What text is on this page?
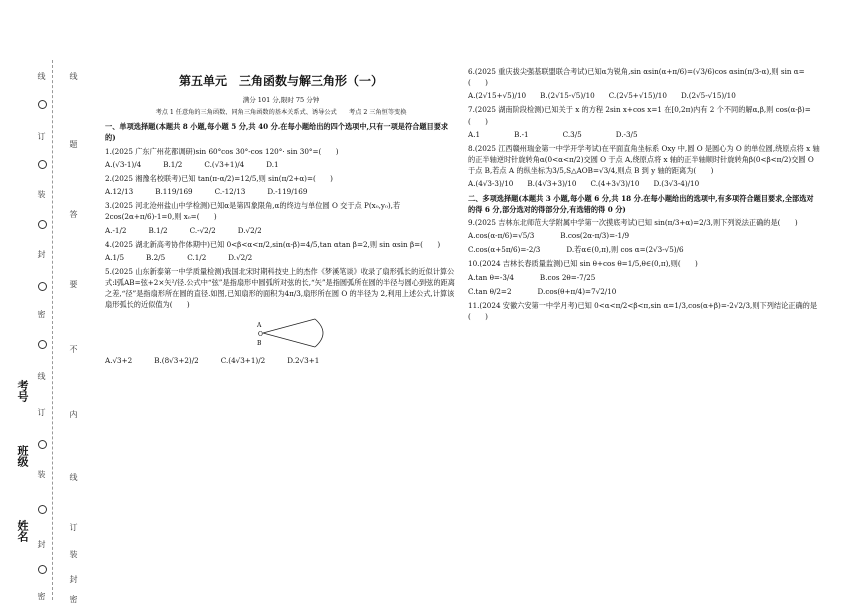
线
题
答
要
不
内
线
订
装
封
密
线
订
装
封
密
线
订
装
封
密
考号
班级
姓名
第五单元　三角函数与解三角形（一）
满分 101 分,限时 75 分钟
考点 1 任意角的三角函数、同角三角函数的基本关系式、诱导公式　　考点 2 三角恒等变换

一、单项选择题(本题共 8 小题,每小题 5 分,共 40 分.在每小题给出的四个选项中,只有一项是符合题目要求的)

1.(2025 广东广州花都调研)sin 60°cos 30°-cos 120°· sin 30°=(　　)

A.(√3-1)/4	B.1/2	C.(√3+1)/4	D.1

2.(2025 湘豫名校联考)已知 tan(π-α/2)=12/5,则 sin(π/2+α)=(　　)

A.12/13	B.119/169	C.-12/13	D.-119/169

3.(2025 河北沧州盐山中学检测)已知α是第四象限角,α的终边与单位圆 O 交于点 P(x₀,y₀),若 2cos(2α+π/6)-1=0,则 x₀=(　　)

A.-1/2	B.1/2	C.-√2/2	D.√2/2

4.(2025 湖北新高考协作体期中)已知 0<β<α<π/2,sin(α-β)=4/5,tan αtan β=2,则 sin αsin β=(　　)

A.1/5	B.2/5	C.1/2	D.√2/2

5.(2025 山东新泰第一中学质量检测)我国北宋时期科技史上的杰作《梦溪笔谈》收录了扇形弧长的近似计算公式:l弧AB=弦+2×矢²/径.公式中“弦”是指扇形中圆弧所对弦的长,“矢”是指圆弧所在圆的半径与圆心到弦的距离之差,“径”是指扇形所在圆的直径.如图,已知扇形的面积为4π/3,扇形所在圆 O 的半径为 2,利用上述公式,计算该扇形弧长的近似值为(　　)

A
O
B
A.√3+2	B.(8√3+2)/2	C.(4√3+1)/2	D.2√3+1

6.(2025 重庆拔尖强基联盟联合考试)已知α为锐角,sin αsin(α+π/6)=(√3/6)cos αsin(π/3-α),则 sin α=(　　)

A.(2√15+√5)/10 B.(2√15-√5)/10 C.(2√5+√15)/10 D.(2√5-√15)/10

7.(2025 湖南阶段检测)已知关于 x 的方程 2sin x+cos x=1 在[0,2π)内有 2 个不同的解α,β,则 cos(α-β)=(　　)

A.1	B.-1	C.3/5	D.-3/5

8.(2025 江西赣州瑞金第一中学开学考试)在平面直角坐标系 Oxy 中,圆 O 是圆心为 O 的单位圆,绕原点将 x 轴的正半轴逆时针旋转角α(0<α<π/2)交圆 O 于点 A,绕原点将 x 轴的正半轴顺时针旋转角β(0<β<π/2)交圆 O 于点 B,若点 A 的纵坐标为3/5,S△AOB=√3/4,则点 B 到 y 轴的距离为(　　)

A.(4√3-3)/10 B.(4√3+3)/10 C.(4+3√3)/10 D.(3√3-4)/10

二、多项选择题(本题共 3 小题,每小题 6 分,共 18 分.在每小题给出的选项中,有多项符合题目要求,全部选对的得 6 分,部分选对的得部分分,有选错的得 0 分)

9.(2025 吉林东北师范大学附属中学第一次摸底考试)已知 sin(π/3+α)=2/3,则下列说法正确的是(　　)

A.cos(α-π/6)=√5/3	B.cos(2α-π/3)=-1/9
C.cos(α+5π/6)=-2/3	D.若α∈(0,π),则 cos α=(2√3-√5)/6

10.(2024 吉林长春质量监测)已知 sin θ+cos θ=1/5,θ∈(0,π),则(　　)

A.tan θ=-3/4	B.cos 2θ=-7/25
C.tan θ/2=2	D.cos(θ+π/4)=7√2/10

11.(2024 安徽六安第一中学月考)已知 0<α<π/2<β<π,sin α=1/3,cos(α+β)=-2√2/3,则下列结论正确的是(　　)
